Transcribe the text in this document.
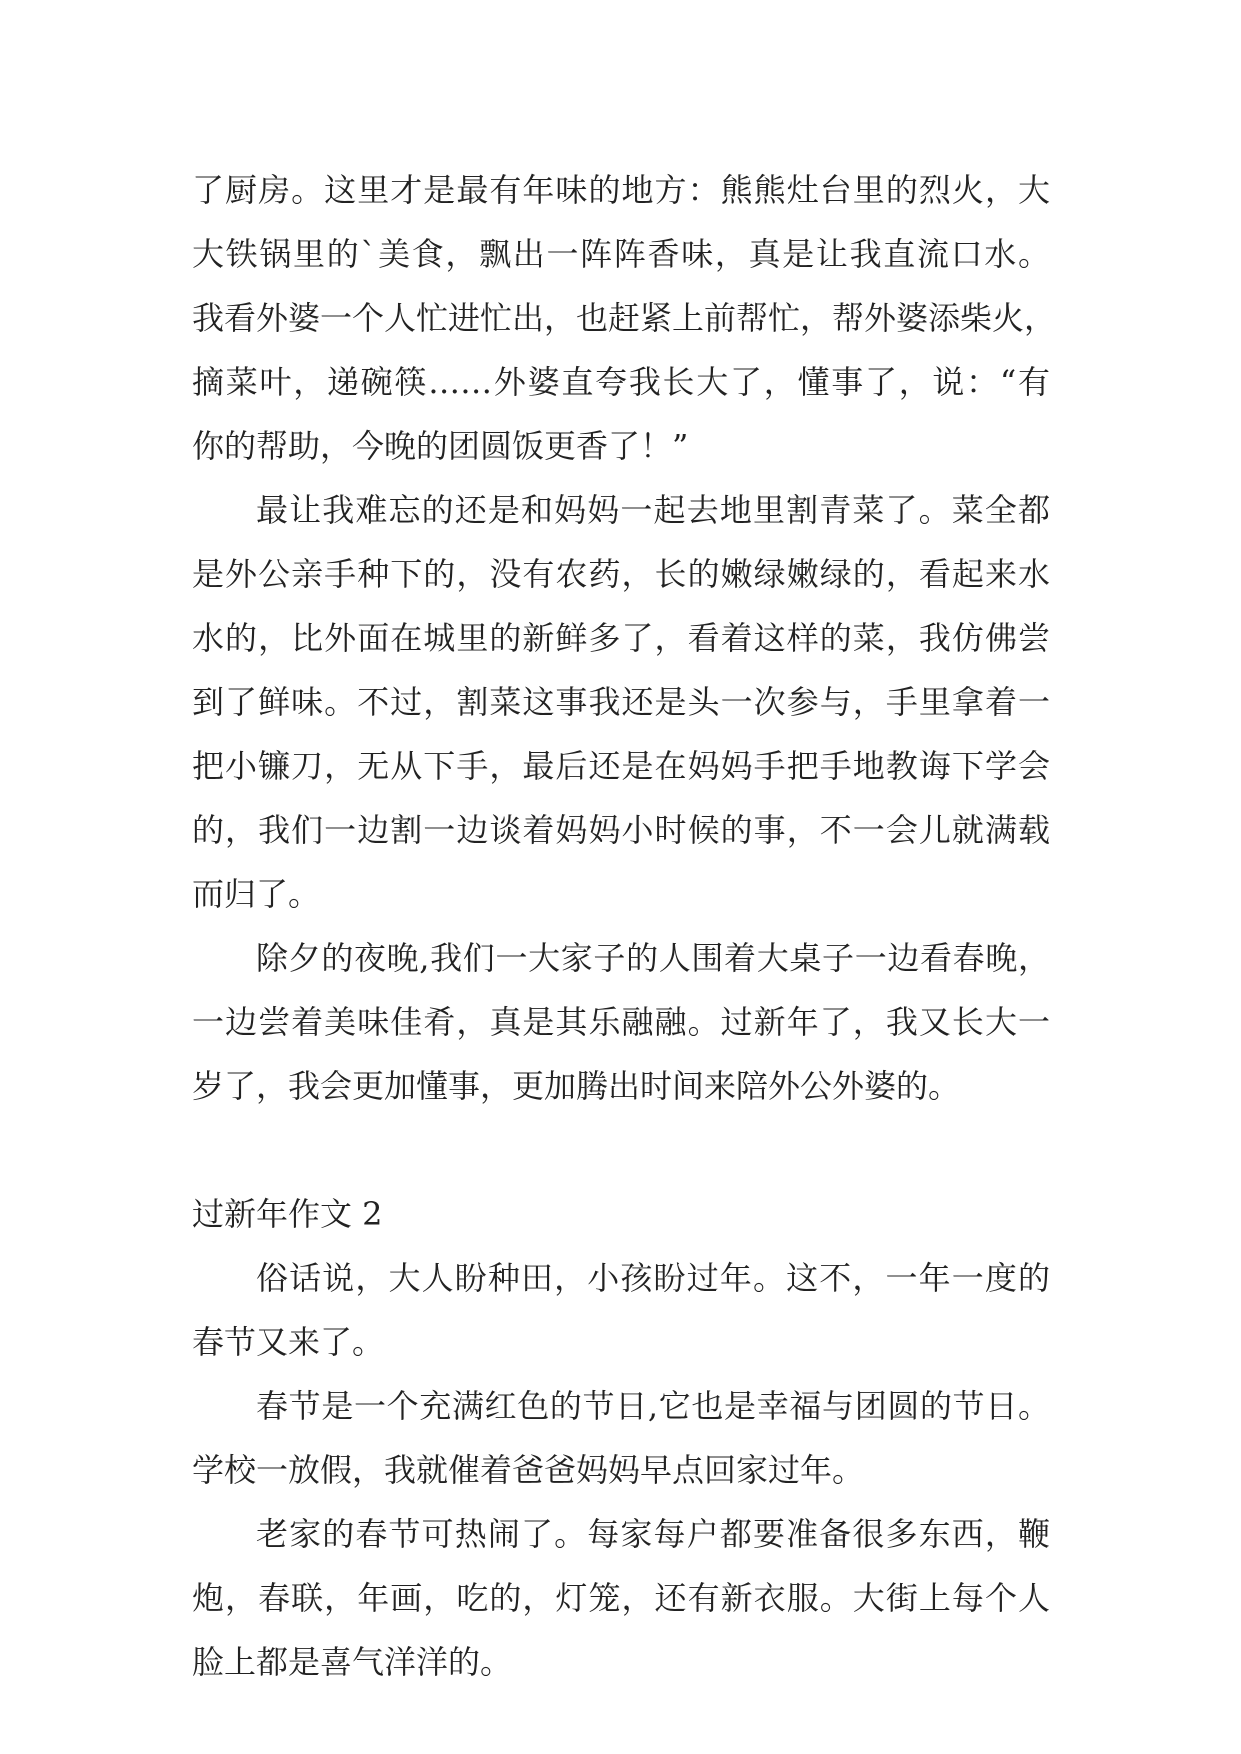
了厨房。这里才是最有年味的地方：熊熊灶台里的烈火，大
大铁锅里的`美食，飘出一阵阵香味，真是让我直流口水。
我看外婆一个人忙进忙出，也赶紧上前帮忙，帮外婆添柴火，
摘菜叶，递碗筷……外婆直夸我长大了，懂事了，说：“有
你的帮助，今晚的团圆饭更香了！”
最让我难忘的还是和妈妈一起去地里割青菜了。菜全都
是外公亲手种下的，没有农药，长的嫩绿嫩绿的，看起来水
水的，比外面在城里的新鲜多了，看着这样的菜，我仿佛尝
到了鲜味。不过，割菜这事我还是头一次参与，手里拿着一
把小镰刀，无从下手，最后还是在妈妈手把手地教诲下学会
的，我们一边割一边谈着妈妈小时候的事，不一会儿就满载
而归了。
除夕的夜晚,我们一大家子的人围着大桌子一边看春晚，
一边尝着美味佳肴，真是其乐融融。过新年了，我又长大一
岁了，我会更加懂事，更加腾出时间来陪外公外婆的。
过新年作文 2
俗话说，大人盼种田，小孩盼过年。这不，一年一度的
春节又来了。
春节是一个充满红色的节日,它也是幸福与团圆的节日。
学校一放假，我就催着爸爸妈妈早点回家过年。
老家的春节可热闹了。每家每户都要准备很多东西，鞭
炮，春联，年画，吃的，灯笼，还有新衣服。大街上每个人
脸上都是喜气洋洋的。
